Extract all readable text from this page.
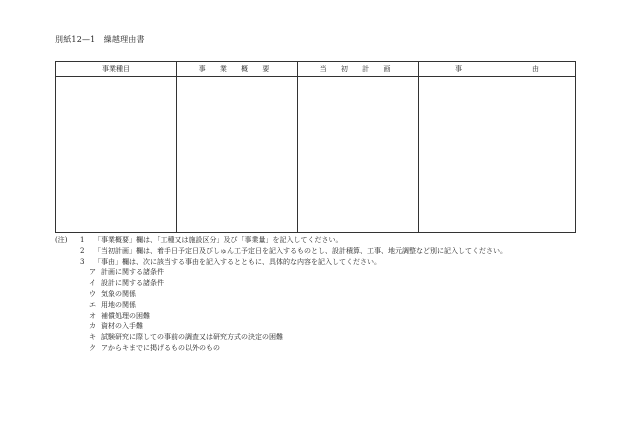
別紙12—1　繰越理由書
事業種目	事 業 概 要	当 初 計 画	事 由

(注) 1 「事業概要」欄は、「工種又は施設区分」及び「事業量」を記入してください。
2 「当初計画」欄は、着手日予定日及びしゅん工予定日を記入するものとし、設計積算、工事、地元調整など別に記入してください。
3 「事由」欄は、次に該当する事由を記入するとともに、具体的な内容を記入してください。
ア 計画に関する諸条件
イ 設計に関する諸条件
ウ 気象の関係
エ 用地の関係
オ 補償処理の困難
カ 資材の入手難
キ 試験研究に際しての事前の調査又は研究方式の決定の困難
ク アからキまでに掲げるもの以外のもの
